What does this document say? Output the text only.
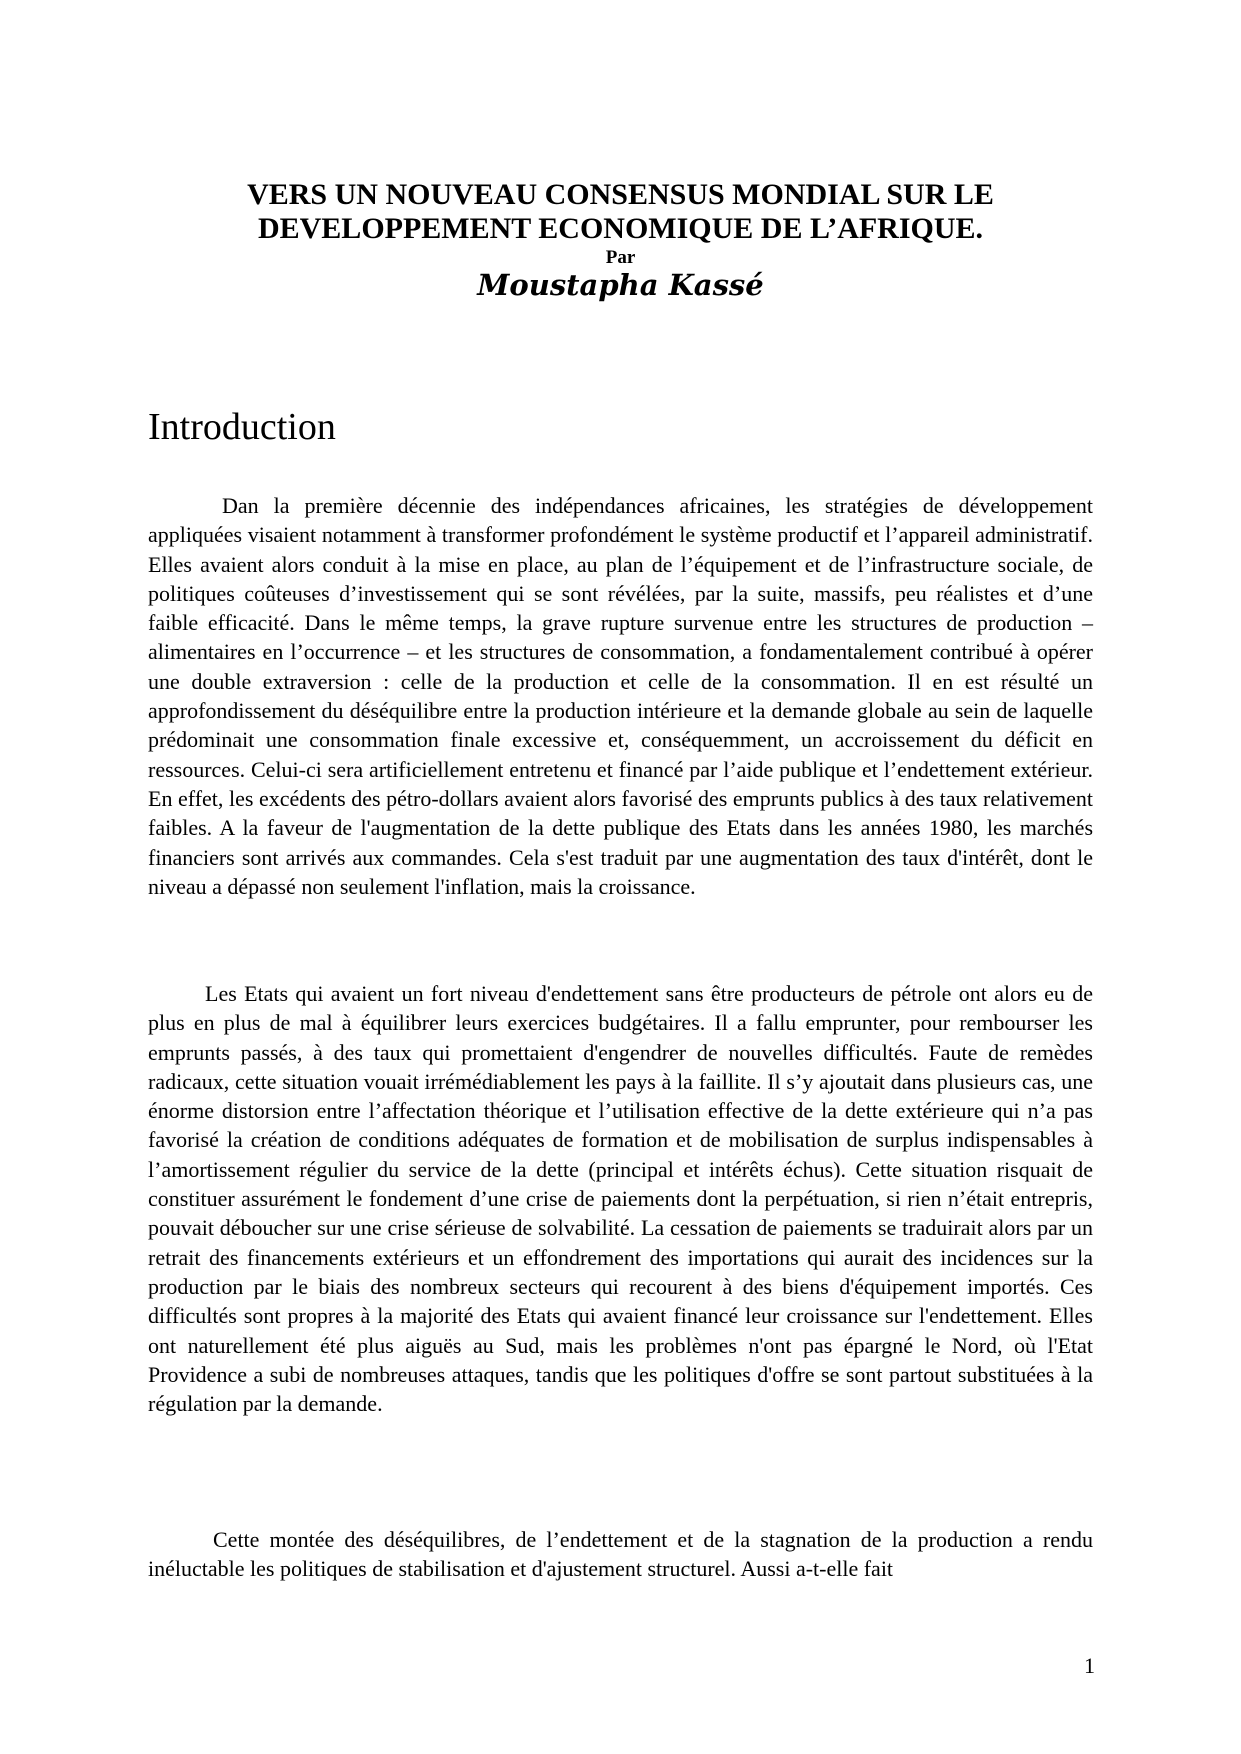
VERS UN NOUVEAU CONSENSUS MONDIAL SUR LE

DEVELOPPEMENT ECONOMIQUE DE L’AFRIQUE.

Par

Moustapha Kassé

Introduction

Dan la première décennie des indépendances africaines, les stratégies de développement appliquées visaient notamment à transformer profondément le système productif et l’appareil administratif. Elles avaient alors conduit à la mise en place, au plan de l’équipement et de l’infrastructure sociale, de politiques coûteuses d’investissement qui se sont révélées, par la suite, massifs, peu réalistes et d’une faible efficacité. Dans le même temps, la grave rupture survenue entre les structures de production – alimentaires en l’occurrence – et les structures de consommation, a fondamentalement contribué à opérer une double extraversion : celle de la production et celle de la consommation. Il en est résulté un approfondissement du déséquilibre entre la production intérieure et la demande globale au sein de laquelle prédominait une consommation finale excessive et, conséquemment, un accroissement du déficit en ressources. Celui-ci sera artificiellement entretenu et financé par l’aide publique et l’endettement extérieur. En effet, les excédents des pétro-dollars avaient alors favorisé des emprunts publics à des taux relativement faibles. A la faveur de l'augmentation de la dette publique des Etats dans les années 1980, les marchés financiers sont arrivés aux commandes. Cela s'est traduit par une augmentation des taux d'intérêt, dont le niveau a dépassé non seulement l'inflation, mais la croissance.

Les Etats qui avaient un fort niveau d'endettement sans être producteurs de pétrole ont alors eu de plus en plus de mal à équilibrer leurs exercices budgétaires. Il a fallu emprunter, pour rembourser les emprunts passés, à des taux qui promettaient d'engendrer de nouvelles difficultés. Faute de remèdes radicaux, cette situation vouait irrémédiablement les pays à la faillite. Il s’y ajoutait dans plusieurs cas, une énorme distorsion entre l’affectation théorique et l’utilisation effective de la dette extérieure qui n’a pas favorisé la création de conditions adéquates de formation et de mobilisation de surplus indispensables à l’amortissement régulier du service de la dette (principal et intérêts échus). Cette situation risquait de constituer assurément le fondement d’une crise de paiements dont la perpétuation, si rien n’était entrepris, pouvait déboucher sur une crise sérieuse de solvabilité. La cessation de paiements se traduirait alors par un retrait des financements extérieurs et un effondrement des importations qui aurait des incidences sur la production par le biais des nombreux secteurs qui recourent à des biens d'équipement importés. Ces difficultés sont propres à la majorité des Etats qui avaient financé leur croissance sur l'endettement. Elles ont naturellement été plus aiguës au Sud, mais les problèmes n'ont pas épargné le Nord, où l'Etat Providence a subi de nombreuses attaques, tandis que les politiques d'offre se sont partout substituées à la régulation par la demande.

Cette montée des déséquilibres, de l’endettement et de la stagnation de la production a rendu inéluctable les politiques de stabilisation et d'ajustement structurel. Aussi a-t-elle fait

1
